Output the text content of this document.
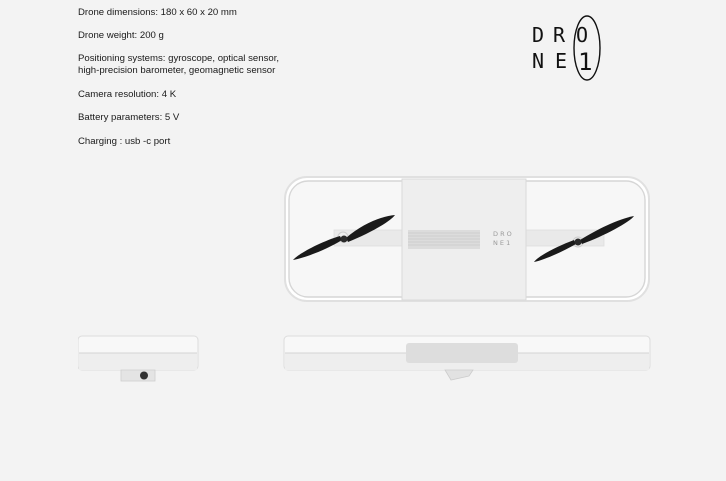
Drone dimensions: 180 x 60 x 20 mm
Drone weight: 200 g
Positioning systems: gyroscope, optical sensor,
high-precision barometer, geomagnetic sensor
Camera resolution: 4 K
Battery parameters: 5 V
Charging : usb -c port
D R O
N E 1
D R O
N E 1
